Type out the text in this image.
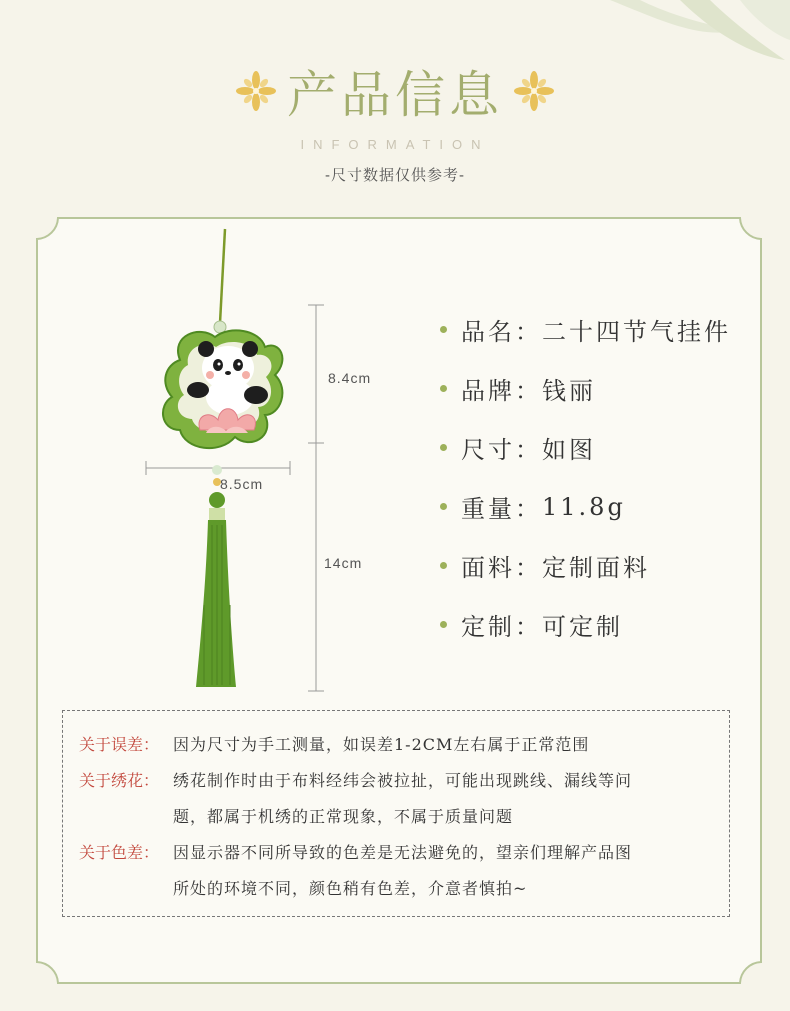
产品信息
INFORMATION
-尺寸数据仅供参考-
8.4cm
8.5cm
14cm
品名： 二十四节气挂件
品牌： 钱丽
尺寸： 如图
重量： 11.8g
面料： 定制面料
定制： 可定制
关于误差： 因为尺寸为手工测量，如误差1-2CM左右属于正常范围
关于绣花： 绣花制作时由于布料经纬会被拉扯，可能出现跳线、漏线等问
题，都属于机绣的正常现象，不属于质量问题
关于色差： 因显示器不同所导致的色差是无法避免的，望亲们理解产品图
所处的环境不同，颜色稍有色差，介意者慎拍~
